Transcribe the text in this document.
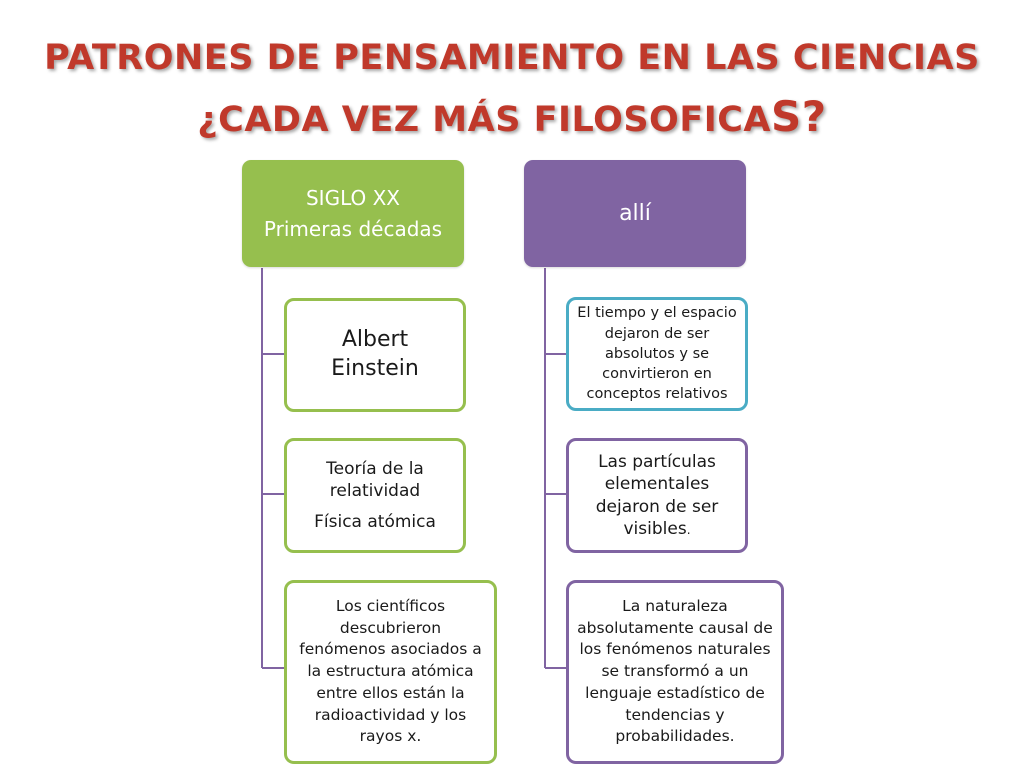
PATRONES DE PENSAMIENTO EN LAS CIENCIAS
¿CADA VEZ MÁS FILOSOFICAS?
SIGLO XX
Primeras décadas
Albert Einstein
Teoría de la relatividad
Física atómica
Los científicos descubrieron fenómenos asociados a la estructura atómica entre ellos están la radioactividad y los rayos x.
allí
El tiempo y el espacio dejaron de ser absolutos y se convirtieron en conceptos relativos
Las partículas elementales dejaron de ser visibles.
La naturaleza absolutamente causal de los fenómenos naturales se transformó a un lenguaje estadístico de tendencias y probabilidades.
